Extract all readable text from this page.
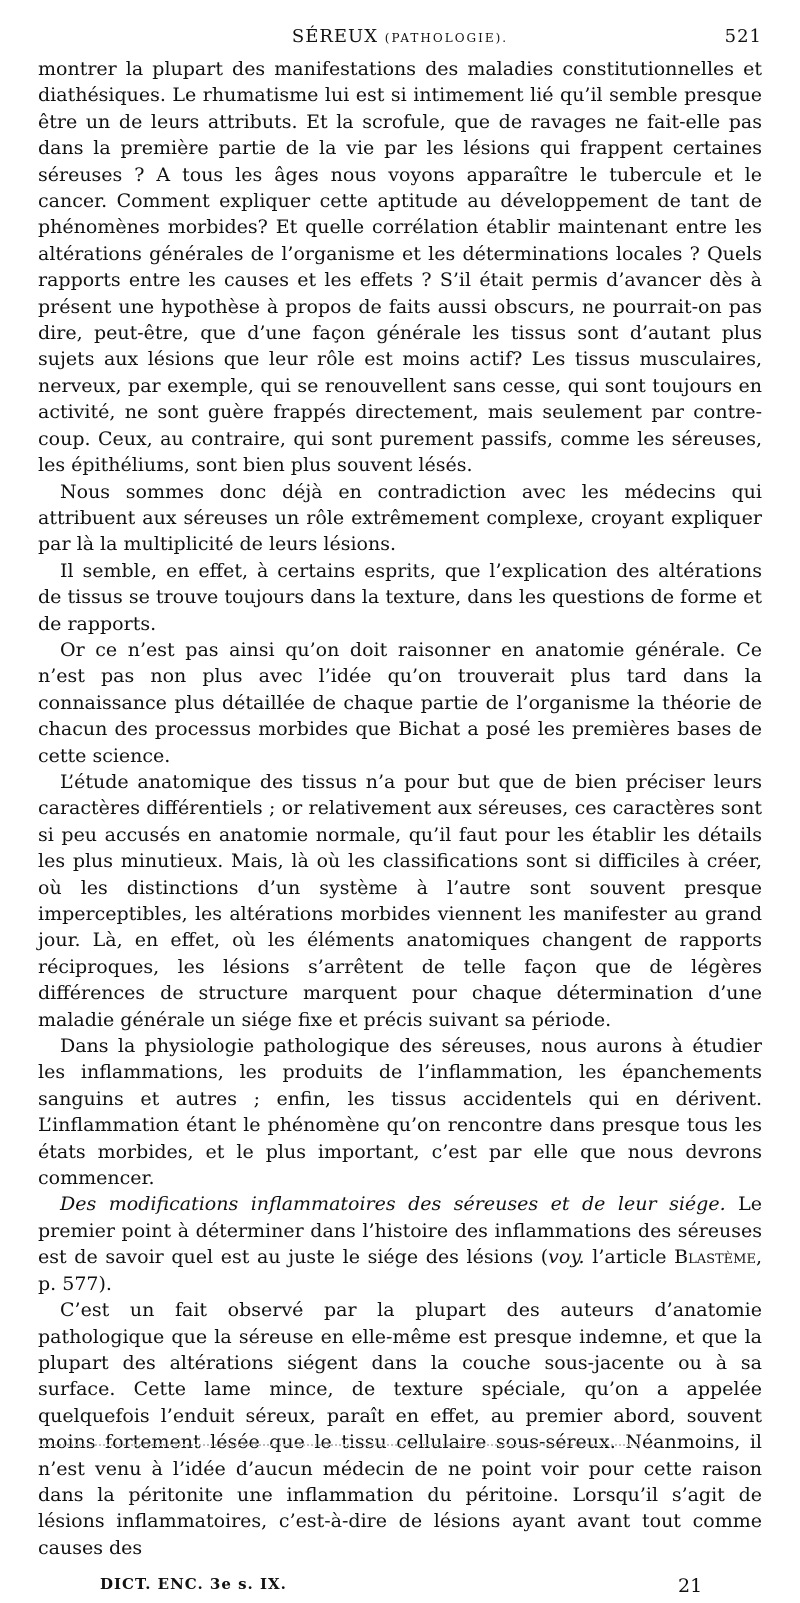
SÉREUX (PATHOLOGIE).	521

montrer la plupart des manifestations des maladies constitutionnelles et diathésiques. Le rhumatisme lui est si intimement lié qu’il semble presque être un de leurs attributs. Et la scrofule, que de ravages ne fait-elle pas dans la première partie de la vie par les lésions qui frappent certaines séreuses ? A tous les âges nous voyons apparaître le tubercule et le cancer. Comment expliquer cette aptitude au développement de tant de phénomènes morbides? Et quelle corrélation établir maintenant entre les altérations générales de l’organisme et les déterminations locales ? Quels rapports entre les causes et les effets ? S’il était permis d’avancer dès à présent une hypothèse à propos de faits aussi obscurs, ne pourrait-on pas dire, peut-être, que d’une façon générale les tissus sont d’autant plus sujets aux lésions que leur rôle est moins actif? Les tissus musculaires, nerveux, par exemple, qui se renouvellent sans cesse, qui sont toujours en activité, ne sont guère frappés directement, mais seulement par contre-coup. Ceux, au contraire, qui sont purement passifs, comme les séreuses, les épithéliums, sont bien plus souvent lésés.

Nous sommes donc déjà en contradiction avec les médecins qui attribuent aux séreuses un rôle extrêmement complexe, croyant expliquer par là la multiplicité de leurs lésions.

Il semble, en effet, à certains esprits, que l’explication des altérations de tissus se trouve toujours dans la texture, dans les questions de forme et de rapports.

Or ce n’est pas ainsi qu’on doit raisonner en anatomie générale. Ce n’est pas non plus avec l’idée qu’on trouverait plus tard dans la connaissance plus détaillée de chaque partie de l’organisme la théorie de chacun des processus morbides que Bichat a posé les premières bases de cette science.

L’étude anatomique des tissus n’a pour but que de bien préciser leurs caractères différentiels ; or relativement aux séreuses, ces caractères sont si peu accusés en anatomie normale, qu’il faut pour les établir les détails les plus minutieux. Mais, là où les classifications sont si difficiles à créer, où les distinctions d’un système à l’autre sont souvent presque imperceptibles, les altérations morbides viennent les manifester au grand jour. Là, en effet, où les éléments anatomiques changent de rapports réciproques, les lésions s’arrêtent de telle façon que de légères différences de structure marquent pour chaque détermination d’une maladie générale un siége fixe et précis suivant sa période.

Dans la physiologie pathologique des séreuses, nous aurons à étudier les inflammations, les produits de l’inflammation, les épanchements sanguins et autres ; enfin, les tissus accidentels qui en dérivent. L’inflammation étant le phénomène qu’on rencontre dans presque tous les états morbides, et le plus important, c’est par elle que nous devrons commencer.

Des modifications inflammatoires des séreuses et de leur siége. Le premier point à déterminer dans l’histoire des inflammations des séreuses est de savoir quel est au juste le siége des lésions (voy. l’article Blastème, p. 577).

C’est un fait observé par la plupart des auteurs d’anatomie pathologique que la séreuse en elle-même est presque indemne, et que la plupart des altérations siégent dans la couche sous-jacente ou à sa surface. Cette lame mince, de texture spéciale, qu’on a appelée quelquefois l’enduit séreux, paraît en effet, au premier abord, souvent moins fortement lésée que le tissu cellulaire sous-séreux. Néanmoins, il n’est venu à l’idée d’aucun médecin de ne point voir pour cette raison dans la péritonite une inflammation du péritoine. Lorsqu’il s’agit de lésions inflammatoires, c’est-à-dire de lésions ayant avant tout comme causes des

DICT. ENC. 3e s. IX.	21
